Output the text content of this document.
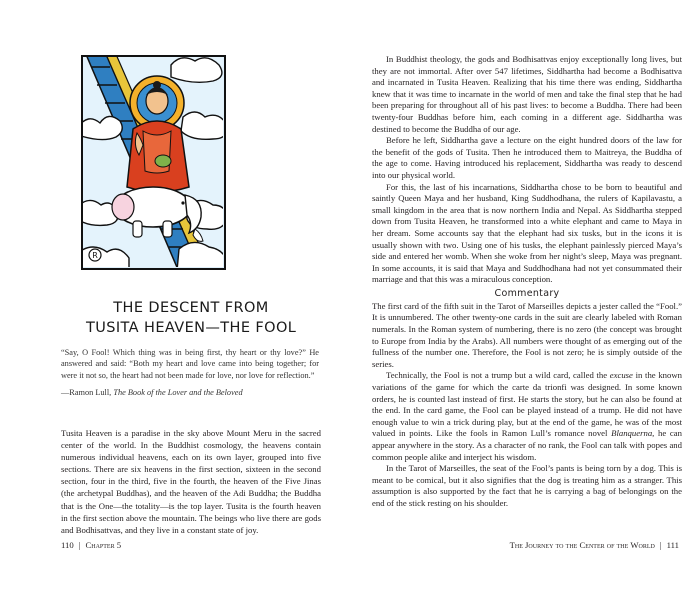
R
THE DESCENT FROM
TUSITA HEAVEN—THE FOOL

“Say, O Fool! Which thing was in being first, thy heart or thy love?” He answered and said: “Both my heart and love came into being together; for were it not so, the heart had not been made for love, nor love for reflection.”

—Ramon Lull, The Book of the Lover and the Beloved

Tusita Heaven is a paradise in the sky above Mount Meru in the sacred center of the world. In the Buddhist cosmology, the heavens contain numerous individual heavens, each on its own layer, grouped into five sections. There are six heavens in the first section, sixteen in the second section, four in the third, five in the fourth, the heaven of the Five Jinas (the archetypal Buddhas), and the heaven of the Adi Buddha; the Buddha that is the One—the totality—is the top layer. Tusita is the fourth heaven in the first section above the mountain. The beings who live there are gods and Bodhisattvas, and they live in a constant state of joy.

110 | Chapter 5

In Buddhist theology, the gods and Bodhisattvas enjoy exceptionally long lives, but they are not immortal. After over 547 lifetimes, Siddhartha had become a Bodhisattva and incarnated in Tusita Heaven. Realizing that his time there was ending, Siddhartha knew that it was time to incarnate in the world of men and take the final step that he had been preparing for throughout all of his past lives: to become a Buddha. There had been twenty-four Buddhas before him, each coming in a different age. Siddhartha was destined to become the Buddha of our age.

Before he left, Siddhartha gave a lecture on the eight hundred doors of the law for the benefit of the gods of Tusita. Then he introduced them to Maitreya, the Buddha of the age to come. Having introduced his replacement, Siddhartha was ready to descend into our physical world.

For this, the last of his incarnations, Siddhartha chose to be born to beautiful and saintly Queen Maya and her husband, King Suddhodhana, the rulers of Kapilavastu, a small kingdom in the area that is now northern India and Nepal. As Siddhartha stepped down from Tusita Heaven, he transformed into a white elephant and came to Maya in her dream. Some accounts say that the elephant had six tusks, but in the icons it is usually shown with two. Using one of his tusks, the elephant painlessly pierced Maya’s side and entered her womb. When she woke from her night’s sleep, Maya was pregnant. In some accounts, it is said that Maya and Suddhodhana had not yet consummated their marriage and that this was a miraculous conception.

Commentary

The first card of the fifth suit in the Tarot of Marseilles depicts a jester called the “Fool.” It is unnumbered. The other twenty-one cards in the suit are clearly labeled with Roman numerals. In the Roman system of numbering, there is no zero (the concept was brought to Europe from India by the Arabs). All numbers were thought of as emerging out of the fullness of the number one. Therefore, the Fool is not zero; he is simply outside of the series.

Technically, the Fool is not a trump but a wild card, called the excuse in the known variations of the game for which the carte da trionfi was designed. In some known orders, he is counted last instead of first. He starts the story, but he can also be found at the end. In the card game, the Fool can be played instead of a trump. He did not have enough value to win a trick during play, but at the end of the game, he was of the most valued in points. Like the fools in Ramon Lull’s romance novel Blanquerna, he can appear anywhere in the story. As a character of no rank, the Fool can talk with popes and common people alike and interject his wisdom.

In the Tarot of Marseilles, the seat of the Fool’s pants is being torn by a dog. This is meant to be comical, but it also signifies that the dog is treating him as a stranger. This assumption is also supported by the fact that he is carrying a bag of belongings on the end of the stick resting on his shoulder.

The Journey to the Center of the World | 111
